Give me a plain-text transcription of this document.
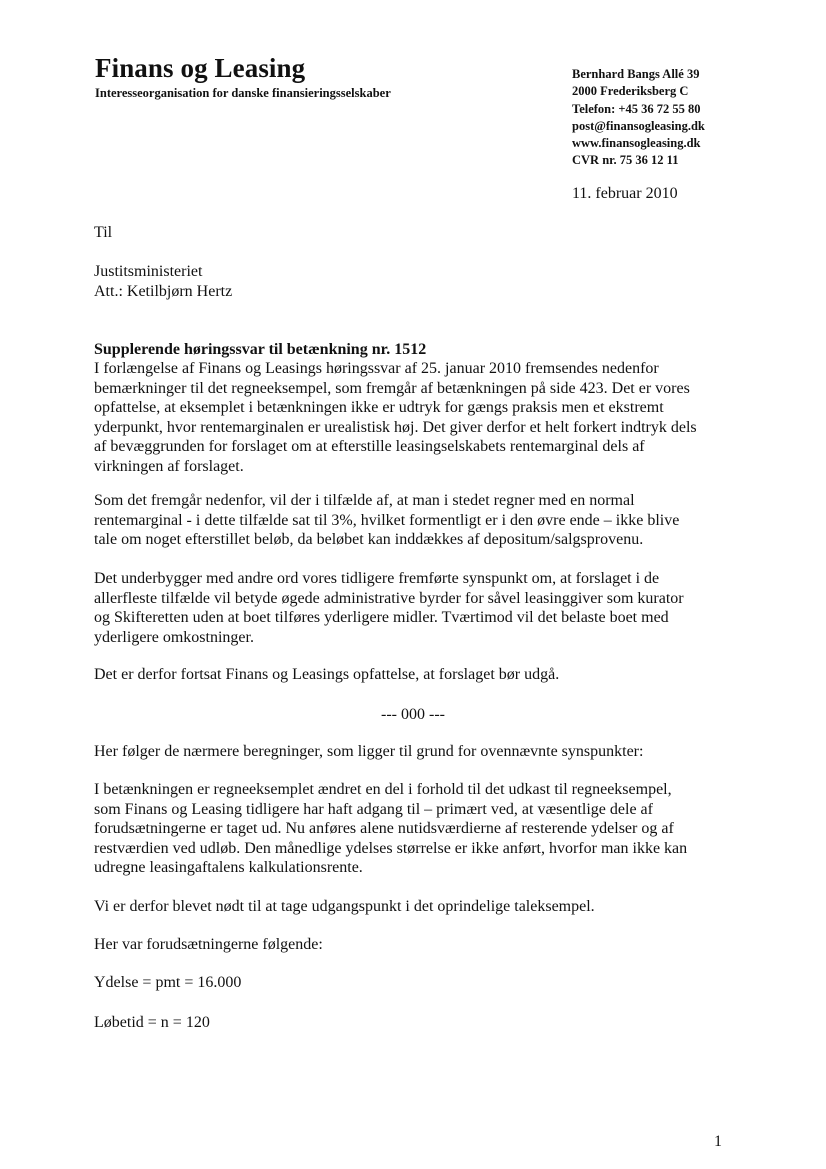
Finans og Leasing
Interesseorganisation for danske finansieringsselskaber
Bernhard Bangs Allé 39
2000 Frederiksberg C
Telefon: +45 36 72 55 80
post@finansogleasing.dk
www.finansogleasing.dk
CVR nr. 75 36 12 11
11. februar 2010
Til
Justitsministeriet
Att.: Ketilbjørn Hertz
Supplerende høringssvar til betænkning nr. 1512
I forlængelse af Finans og Leasings høringssvar af 25. januar 2010 fremsendes nedenfor
bemærkninger til det regneeksempel, som fremgår af betænkningen på side 423. Det er vores
opfattelse, at eksemplet i betænkningen ikke er udtryk for gængs praksis men et ekstremt
yderpunkt, hvor rentemarginalen er urealistisk høj. Det giver derfor et helt forkert indtryk dels
af bevæggrunden for forslaget om at efterstille leasingselskabets rentemarginal dels af
virkningen af forslaget.
Som det fremgår nedenfor, vil der i tilfælde af, at man i stedet regner med en normal
rentemarginal - i dette tilfælde sat til 3%, hvilket formentligt er i den øvre ende – ikke blive
tale om noget efterstillet beløb, da beløbet kan inddækkes af depositum/salgsprovenu.
Det underbygger med andre ord vores tidligere fremførte synspunkt om, at forslaget i de
allerfleste tilfælde vil betyde øgede administrative byrder for såvel leasinggiver som kurator
og Skifteretten uden at boet tilføres yderligere midler. Tværtimod vil det belaste boet med
yderligere omkostninger.
Det er derfor fortsat Finans og Leasings opfattelse, at forslaget bør udgå.
--- 000 ---
Her følger de nærmere beregninger, som ligger til grund for ovennævnte synspunkter:
I betænkningen er regneeksemplet ændret en del i forhold til det udkast til regneeksempel,
som Finans og Leasing tidligere har haft adgang til – primært ved, at væsentlige dele af
forudsætningerne er taget ud. Nu anføres alene nutidsværdierne af resterende ydelser og af
restværdien ved udløb. Den månedlige ydelses størrelse er ikke anført, hvorfor man ikke kan
udregne leasingaftalens kalkulationsrente.
Vi er derfor blevet nødt til at tage udgangspunkt i det oprindelige taleksempel.
Her var forudsætningerne følgende:
Ydelse = pmt = 16.000
Løbetid = n = 120
1
